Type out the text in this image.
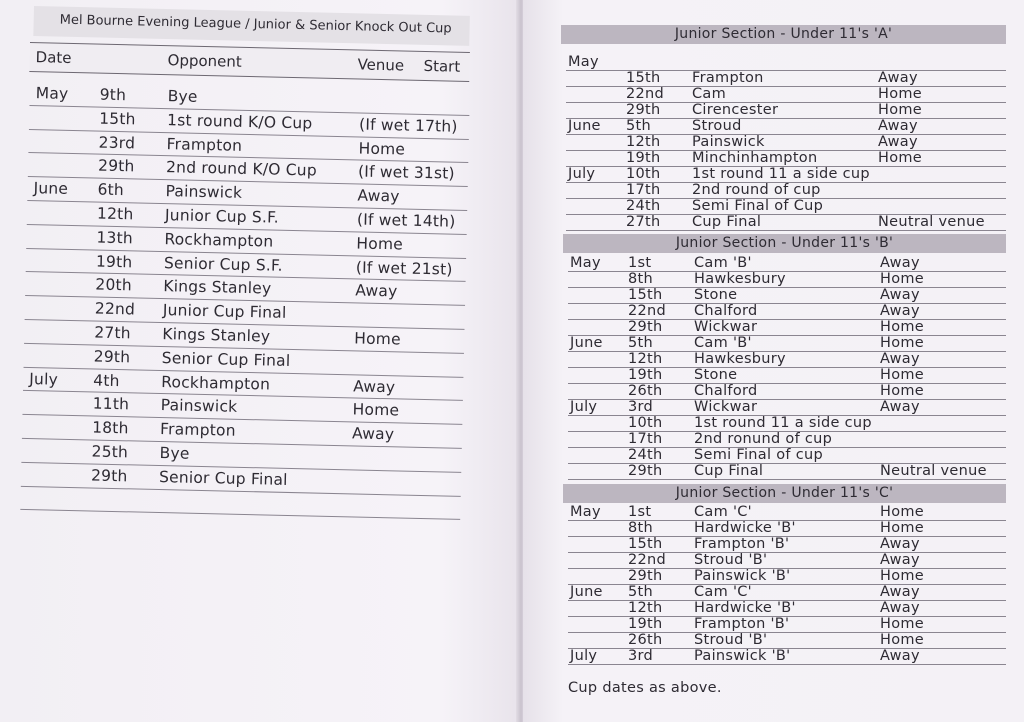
Mel Bourne Evening League / Junior & Senior Knock Out Cup
Date	Opponent	Venue Start
May 9th	Bye
15th 1st round K/O Cup	(If wet 17th)
23rd Frampton	Home
29th 2nd round K/O Cup	(If wet 31st)
June 6th	Painswick	Away
12th Junior Cup S.F.	(If wet 14th)
13th Rockhampton	Home
19th Senior Cup S.F.	(If wet 21st)
20th Kings Stanley	Away
22nd Junior Cup Final
27th Kings Stanley	Home
29th Senior Cup Final
July 4th	Rockhampton	Away
11th Painswick	Home
18th Frampton	Away
25th Bye
29th Senior Cup Final
Junior Section - Under 11's 'A'
May
15th Frampton	Away
22nd Cam	Home
29th Cirencester	Home
June 5th	Stroud	Away
12th Painswick	Away
19th Minchinhampton	Home
July 10th 1st round 11 a side cup
17th 2nd round of cup
24th Semi Final of Cup
27th Cup Final	Neutral venue
Junior Section - Under 11's 'B'
May 1st	Cam 'B'	Away
8th	Hawkesbury	Home
15th Stone	Away
22nd Chalford	Away
29th Wickwar	Home
June 5th	Cam 'B'	Home
12th Hawkesbury	Away
19th Stone	Home
26th Chalford	Home
July 3rd	Wickwar	Away
10th 1st round 11 a side cup
17th 2nd ronund of cup
24th Semi Final of cup
29th Cup Final	Neutral venue
Junior Section - Under 11's 'C'
May 1st	Cam 'C'	Home
8th	Hardwicke 'B'	Home
15th Frampton 'B'	Away
22nd Stroud 'B'	Away
29th Painswick 'B'	Home
June 5th	Cam 'C'	Away
12th Hardwicke 'B'	Away
19th Frampton 'B'	Home
26th Stroud 'B'	Home
July 3rd	Painswick 'B'	Away
Cup dates as above.
